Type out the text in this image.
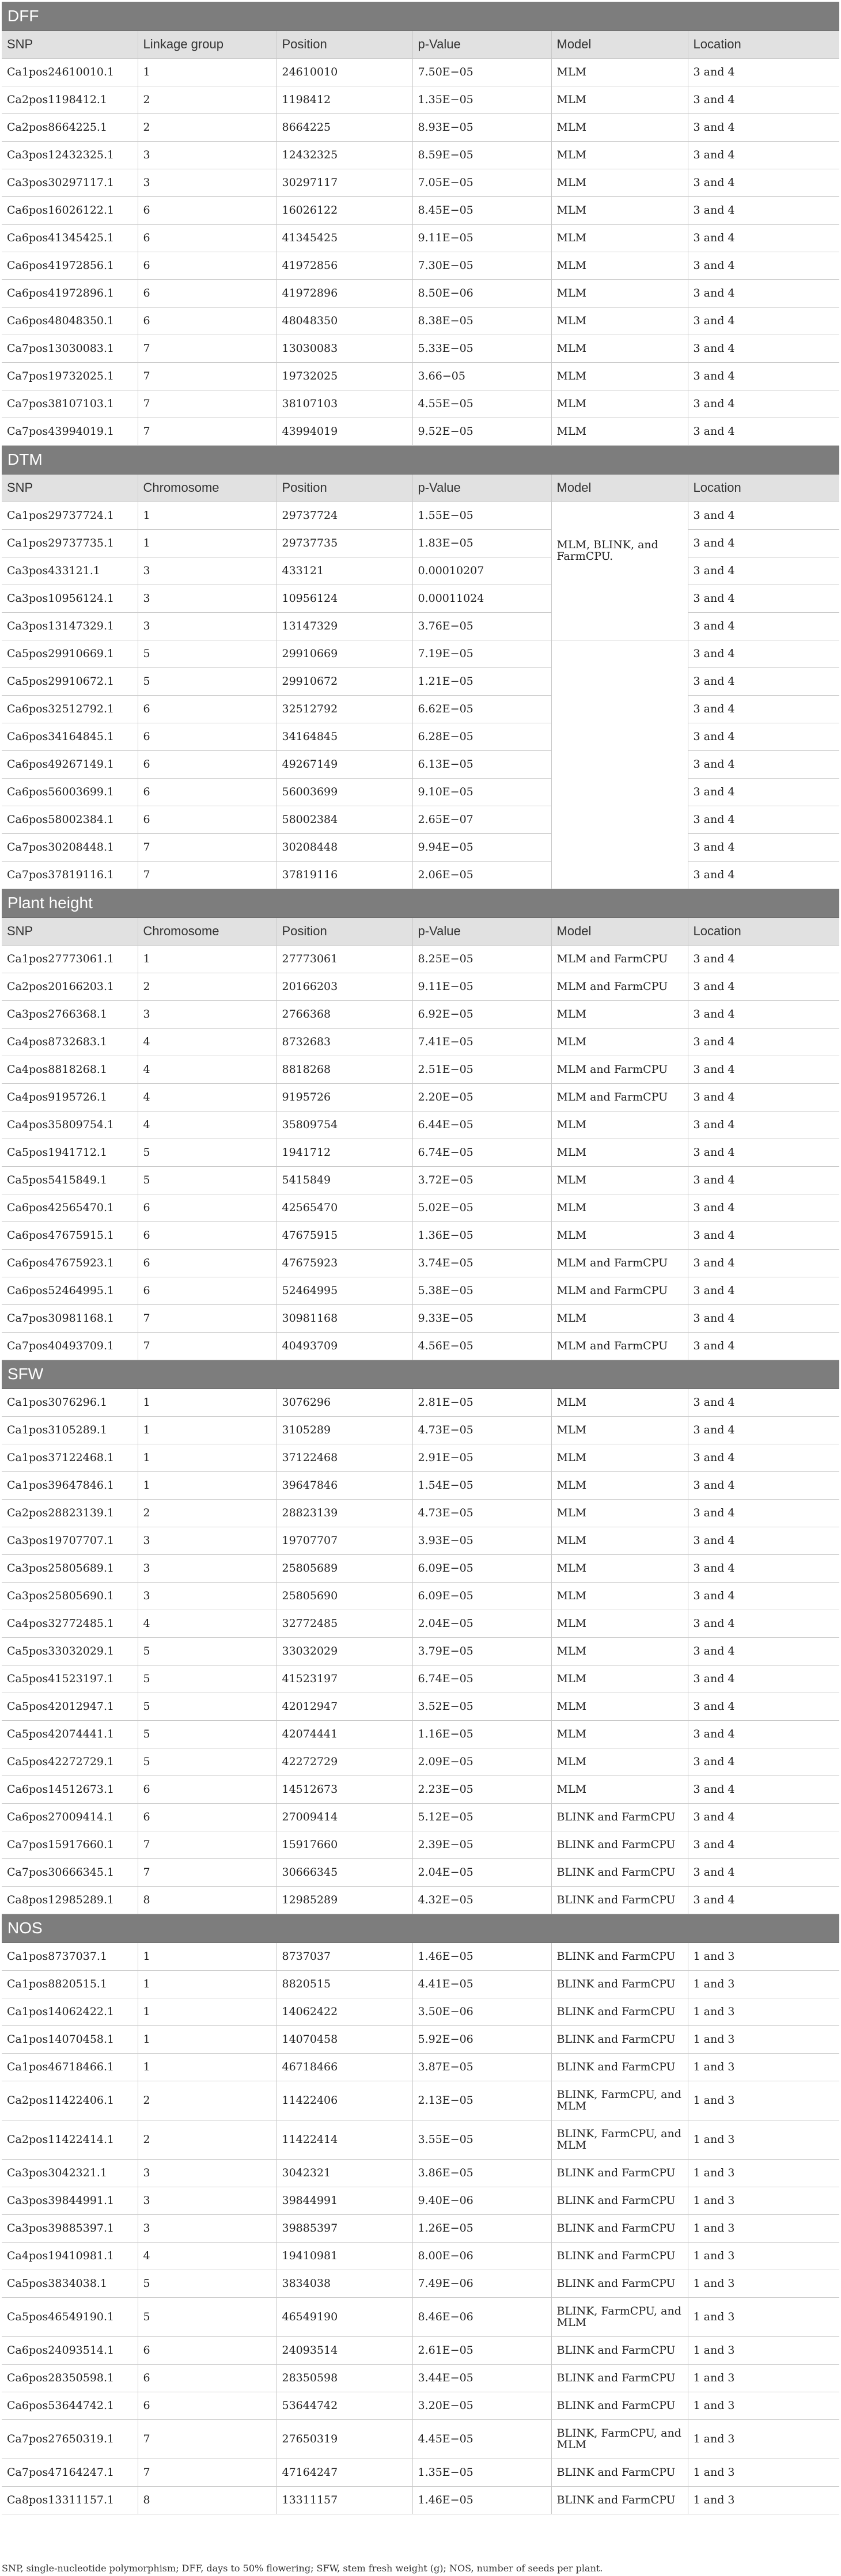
DFF					
SNP	Linkage group	Position	p-Value	Model	Location
Ca1pos24610010.1	1	24610010	7.50E−05	MLM	3 and 4
Ca2pos1198412.1	2	1198412	1.35E−05	MLM	3 and 4
Ca2pos8664225.1	2	8664225	8.93E−05	MLM	3 and 4
Ca3pos12432325.1	3	12432325	8.59E−05	MLM	3 and 4
Ca3pos30297117.1	3	30297117	7.05E−05	MLM	3 and 4
Ca6pos16026122.1	6	16026122	8.45E−05	MLM	3 and 4
Ca6pos41345425.1	6	41345425	9.11E−05	MLM	3 and 4
Ca6pos41972856.1	6	41972856	7.30E−05	MLM	3 and 4
Ca6pos41972896.1	6	41972896	8.50E−06	MLM	3 and 4
Ca6pos48048350.1	6	48048350	8.38E−05	MLM	3 and 4
Ca7pos13030083.1	7	13030083	5.33E−05	MLM	3 and 4
Ca7pos19732025.1	7	19732025	3.66−05	MLM	3 and 4
Ca7pos38107103.1	7	38107103	4.55E−05	MLM	3 and 4
Ca7pos43994019.1	7	43994019	9.52E−05	MLM	3 and 4
DTM					
SNP	Chromosome	Position	p-Value	Model	Location
Ca1pos29737724.1	1	29737724	1.55E−05	MLM, BLINK, and FarmCPU.	3 and 4
Ca1pos29737735.1	1	29737735	1.83E−05		3 and 4
Ca3pos433121.1	3	433121	0.00010207		3 and 4
Ca3pos10956124.1	3	10956124	0.00011024		3 and 4
Ca3pos13147329.1	3	13147329	3.76E−05		3 and 4
Ca5pos29910669.1	5	29910669	7.19E−05		3 and 4
Ca5pos29910672.1	5	29910672	1.21E−05		3 and 4
Ca6pos32512792.1	6	32512792	6.62E−05		3 and 4
Ca6pos34164845.1	6	34164845	6.28E−05		3 and 4
Ca6pos49267149.1	6	49267149	6.13E−05		3 and 4
Ca6pos56003699.1	6	56003699	9.10E−05		3 and 4
Ca6pos58002384.1	6	58002384	2.65E−07		3 and 4
Ca7pos30208448.1	7	30208448	9.94E−05		3 and 4
Ca7pos37819116.1	7	37819116	2.06E−05		3 and 4
Plant height					
SNP	Chromosome	Position	p-Value	Model	Location
Ca1pos27773061.1	1	27773061	8.25E−05	MLM and FarmCPU	3 and 4
Ca2pos20166203.1	2	20166203	9.11E−05	MLM and FarmCPU	3 and 4
Ca3pos2766368.1	3	2766368	6.92E−05	MLM	3 and 4
Ca4pos8732683.1	4	8732683	7.41E−05	MLM	3 and 4
Ca4pos8818268.1	4	8818268	2.51E−05	MLM and FarmCPU	3 and 4
Ca4pos9195726.1	4	9195726	2.20E−05	MLM and FarmCPU	3 and 4
Ca4pos35809754.1	4	35809754	6.44E−05	MLM	3 and 4
Ca5pos1941712.1	5	1941712	6.74E−05	MLM	3 and 4
Ca5pos5415849.1	5	5415849	3.72E−05	MLM	3 and 4
Ca6pos42565470.1	6	42565470	5.02E−05	MLM	3 and 4
Ca6pos47675915.1	6	47675915	1.36E−05	MLM	3 and 4
Ca6pos47675923.1	6	47675923	3.74E−05	MLM and FarmCPU	3 and 4
Ca6pos52464995.1	6	52464995	5.38E−05	MLM and FarmCPU	3 and 4
Ca7pos30981168.1	7	30981168	9.33E−05	MLM	3 and 4
Ca7pos40493709.1	7	40493709	4.56E−05	MLM and FarmCPU	3 and 4
SFW					
Ca1pos3076296.1	1	3076296	2.81E−05	MLM	3 and 4
Ca1pos3105289.1	1	3105289	4.73E−05	MLM	3 and 4
Ca1pos37122468.1	1	37122468	2.91E−05	MLM	3 and 4
Ca1pos39647846.1	1	39647846	1.54E−05	MLM	3 and 4
Ca2pos28823139.1	2	28823139	4.73E−05	MLM	3 and 4
Ca3pos19707707.1	3	19707707	3.93E−05	MLM	3 and 4
Ca3pos25805689.1	3	25805689	6.09E−05	MLM	3 and 4
Ca3pos25805690.1	3	25805690	6.09E−05	MLM	3 and 4
Ca4pos32772485.1	4	32772485	2.04E−05	MLM	3 and 4
Ca5pos33032029.1	5	33032029	3.79E−05	MLM	3 and 4
Ca5pos41523197.1	5	41523197	6.74E−05	MLM	3 and 4
Ca5pos42012947.1	5	42012947	3.52E−05	MLM	3 and 4
Ca5pos42074441.1	5	42074441	1.16E−05	MLM	3 and 4
Ca5pos42272729.1	5	42272729	2.09E−05	MLM	3 and 4
Ca6pos14512673.1	6	14512673	2.23E−05	MLM	3 and 4
Ca6pos27009414.1	6	27009414	5.12E−05	BLINK and FarmCPU	3 and 4
Ca7pos15917660.1	7	15917660	2.39E−05	BLINK and FarmCPU	3 and 4
Ca7pos30666345.1	7	30666345	2.04E−05	BLINK and FarmCPU	3 and 4
Ca8pos12985289.1	8	12985289	4.32E−05	BLINK and FarmCPU	3 and 4
NOS					
Ca1pos8737037.1	1	8737037	1.46E−05	BLINK and FarmCPU	1 and 3
Ca1pos8820515.1	1	8820515	4.41E−05	BLINK and FarmCPU	1 and 3
Ca1pos14062422.1	1	14062422	3.50E−06	BLINK and FarmCPU	1 and 3
Ca1pos14070458.1	1	14070458	5.92E−06	BLINK and FarmCPU	1 and 3
Ca1pos46718466.1	1	46718466	3.87E−05	BLINK and FarmCPU	1 and 3
Ca2pos11422406.1	2	11422406	2.13E−05	BLINK, FarmCPU, and MLM	1 and 3
Ca2pos11422414.1	2	11422414	3.55E−05	BLINK, FarmCPU, and MLM	1 and 3
Ca3pos3042321.1	3	3042321	3.86E−05	BLINK and FarmCPU	1 and 3
Ca3pos39844991.1	3	39844991	9.40E−06	BLINK and FarmCPU	1 and 3
Ca3pos39885397.1	3	39885397	1.26E−05	BLINK and FarmCPU	1 and 3
Ca4pos19410981.1	4	19410981	8.00E−06	BLINK and FarmCPU	1 and 3
Ca5pos3834038.1	5	3834038	7.49E−06	BLINK and FarmCPU	1 and 3
Ca5pos46549190.1	5	46549190	8.46E−06	BLINK, FarmCPU, and MLM	1 and 3
Ca6pos24093514.1	6	24093514	2.61E−05	BLINK and FarmCPU	1 and 3
Ca6pos28350598.1	6	28350598	3.44E−05	BLINK and FarmCPU	1 and 3
Ca6pos53644742.1	6	53644742	3.20E−05	BLINK and FarmCPU	1 and 3
Ca7pos27650319.1	7	27650319	4.45E−05	BLINK, FarmCPU, and MLM	1 and 3
Ca7pos47164247.1	7	47164247	1.35E−05	BLINK and FarmCPU	1 and 3
Ca8pos13311157.1	8	13311157	1.46E−05	BLINK and FarmCPU	1 and 3
SNP, single-nucleotide polymorphism; DFF, days to 50% flowering; SFW, stem fresh weight (g); NOS, number of seeds per plant.
